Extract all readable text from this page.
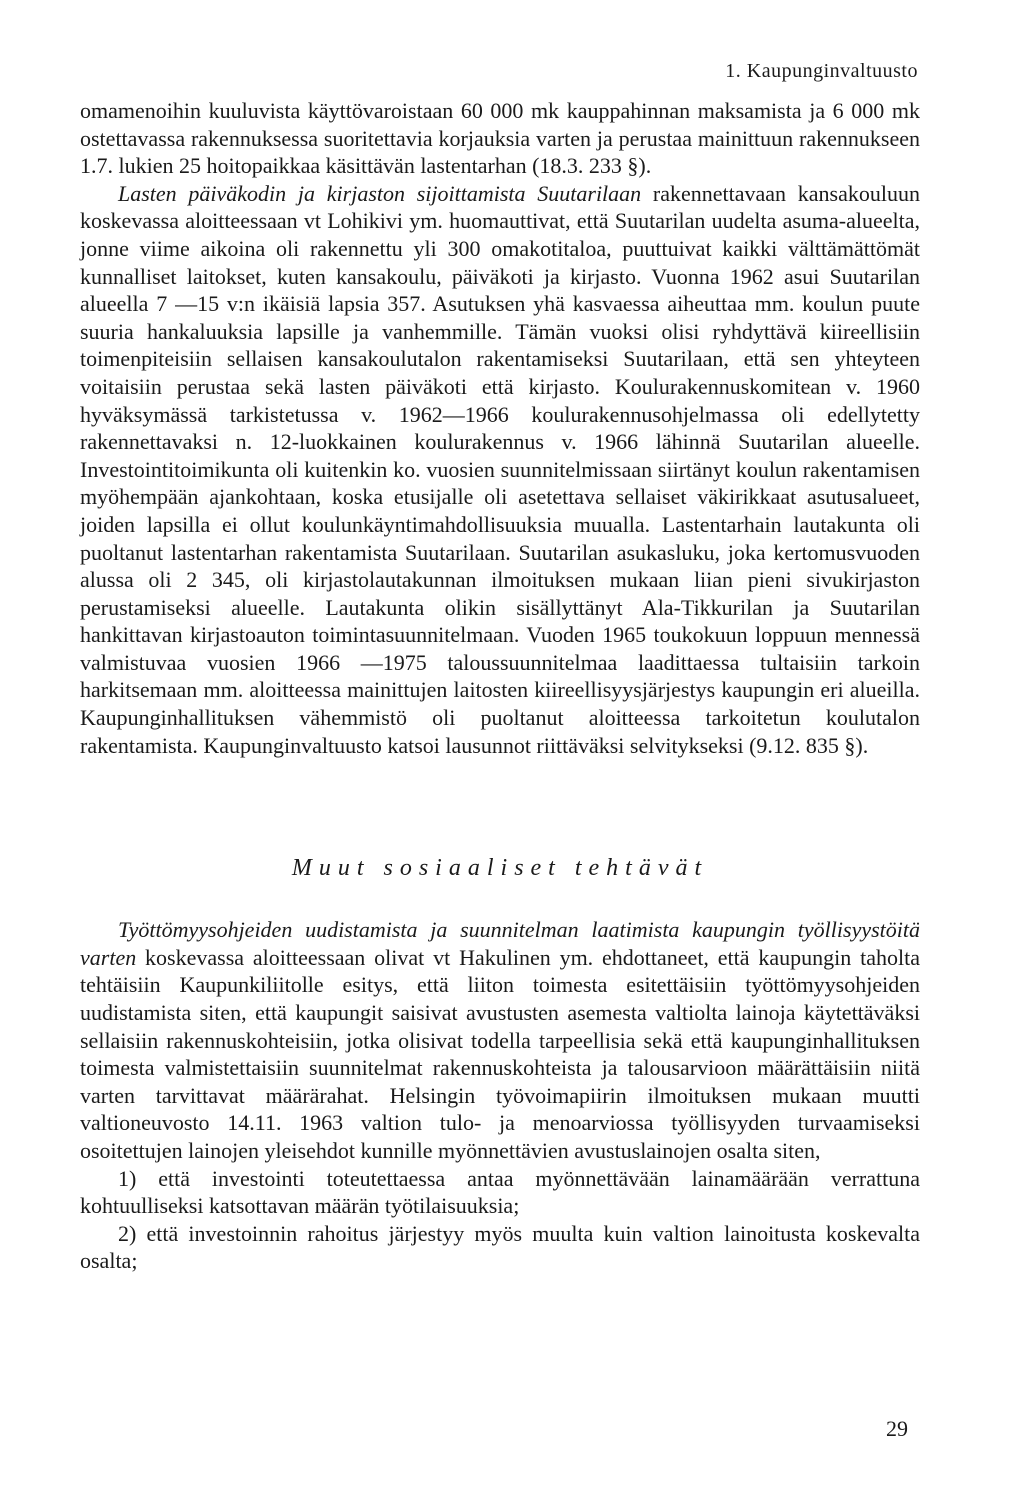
1. Kaupunginvaltuusto

omamenoihin kuuluvista käyttövaroistaan 60 000 mk kauppahinnan maksamista ja 6 000 mk ostettavassa rakennuksessa suoritettavia korjauksia varten ja perustaa mainittuun rakennukseen 1.7. lukien 25 hoitopaikkaa käsittävän lastentarhan (18.3. 233 §).

Lasten päiväkodin ja kirjaston sijoittamista Suutarilaan rakennettavaan kansakouluun koskevassa aloitteessaan vt Lohikivi ym. huomauttivat, että Suutarilan uudelta asuma-alueelta, jonne viime aikoina oli rakennettu yli 300 omakotitaloa, puuttuivat kaikki välttämättömät kunnalliset laitokset, kuten kansakoulu, päiväkoti ja kirjasto. Vuonna 1962 asui Suutarilan alueella 7 —15 v:n ikäisiä lapsia 357. Asutuksen yhä kasvaessa aiheuttaa mm. koulun puute suuria hankaluuksia lapsille ja vanhemmille. Tämän vuoksi olisi ryhdyttävä kiireellisiin toimenpiteisiin sellaisen kansakoulutalon rakentamiseksi Suutarilaan, että sen yhteyteen voitaisiin perustaa sekä lasten päiväkoti että kirjasto. Koulurakennuskomitean v. 1960 hyväksymässä tarkistetussa v. 1962—1966 koulurakennusohjelmassa oli edellytetty rakennettavaksi n. 12-luokkainen koulurakennus v. 1966 lähinnä Suutarilan alueelle. Investointitoimikunta oli kuitenkin ko. vuosien suunnitelmissaan siirtänyt koulun rakentamisen myöhempään ajankohtaan, koska etusijalle oli asetettava sellaiset väkirikkaat asutusalueet, joiden lapsilla ei ollut koulunkäyntimahdollisuuksia muualla. Lastentarhain lautakunta oli puoltanut lastentarhan rakentamista Suutarilaan. Suutarilan asukasluku, joka kertomusvuoden alussa oli 2 345, oli kirjastolautakunnan ilmoituksen mukaan liian pieni sivukirjaston perustamiseksi alueelle. Lautakunta olikin sisällyttänyt Ala-Tikkurilan ja Suutarilan hankittavan kirjastoauton toimintasuunnitelmaan. Vuoden 1965 toukokuun loppuun mennessä valmistuvaa vuosien 1966 —1975 taloussuunnitelmaa laadittaessa tultaisiin tarkoin harkitsemaan mm. aloitteessa mainittujen laitosten kiireellisyysjärjestys kaupungin eri alueilla. Kaupunginhallituksen vähemmistö oli puoltanut aloitteessa tarkoitetun koulutalon rakentamista. Kaupunginvaltuusto katsoi lausunnot riittäväksi selvitykseksi (9.12. 835 §).

Muut sosiaaliset tehtävät

Työttömyysohjeiden uudistamista ja suunnitelman laatimista kaupungin työllisyystöitä varten koskevassa aloitteessaan olivat vt Hakulinen ym. ehdottaneet, että kaupungin taholta tehtäisiin Kaupunkiliitolle esitys, että liiton toimesta esitettäisiin työttömyysohjeiden uudistamista siten, että kaupungit saisivat avustusten asemesta valtiolta lainoja käytettäväksi sellaisiin rakennuskohteisiin, jotka olisivat todella tarpeellisia sekä että kaupunginhallituksen toimesta valmistettaisiin suunnitelmat rakennuskohteista ja talousarvioon määrättäisiin niitä varten tarvittavat määrärahat. Helsingin työvoimapiirin ilmoituksen mukaan muutti valtioneuvosto 14.11. 1963 valtion tulo- ja menoarviossa työllisyyden turvaamiseksi osoitettujen lainojen yleisehdot kunnille myönnettävien avustuslainojen osalta siten,

1) että investointi toteutettaessa antaa myönnettävään lainamäärään verrattuna kohtuulliseksi katsottavan määrän työtilaisuuksia;

2) että investoinnin rahoitus järjestyy myös muulta kuin valtion lainoitusta koskevalta osalta;

29
